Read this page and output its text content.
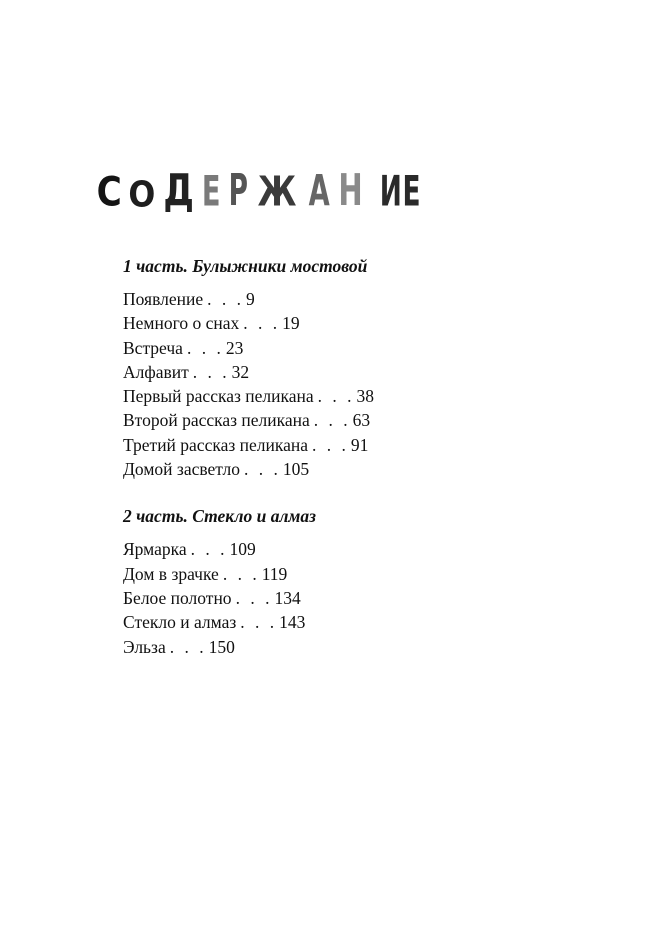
С О Д Е Р Ж А Н ИЕ
1 часть. Булыжники мостовой
Появление . . . 9
Немного о снах . . . 19
Встреча . . . 23
Алфавит . . . 32
Первый рассказ пеликана . . . 38
Второй рассказ пеликана . . . 63
Третий рассказ пеликана . . . 91
Домой засветло . . . 105
2 часть. Стекло и алмаз
Ярмарка . . . 109
Дом в зрачке . . . 119
Белое полотно . . . 134
Стекло и алмаз . . . 143
Эльза . . . 150
